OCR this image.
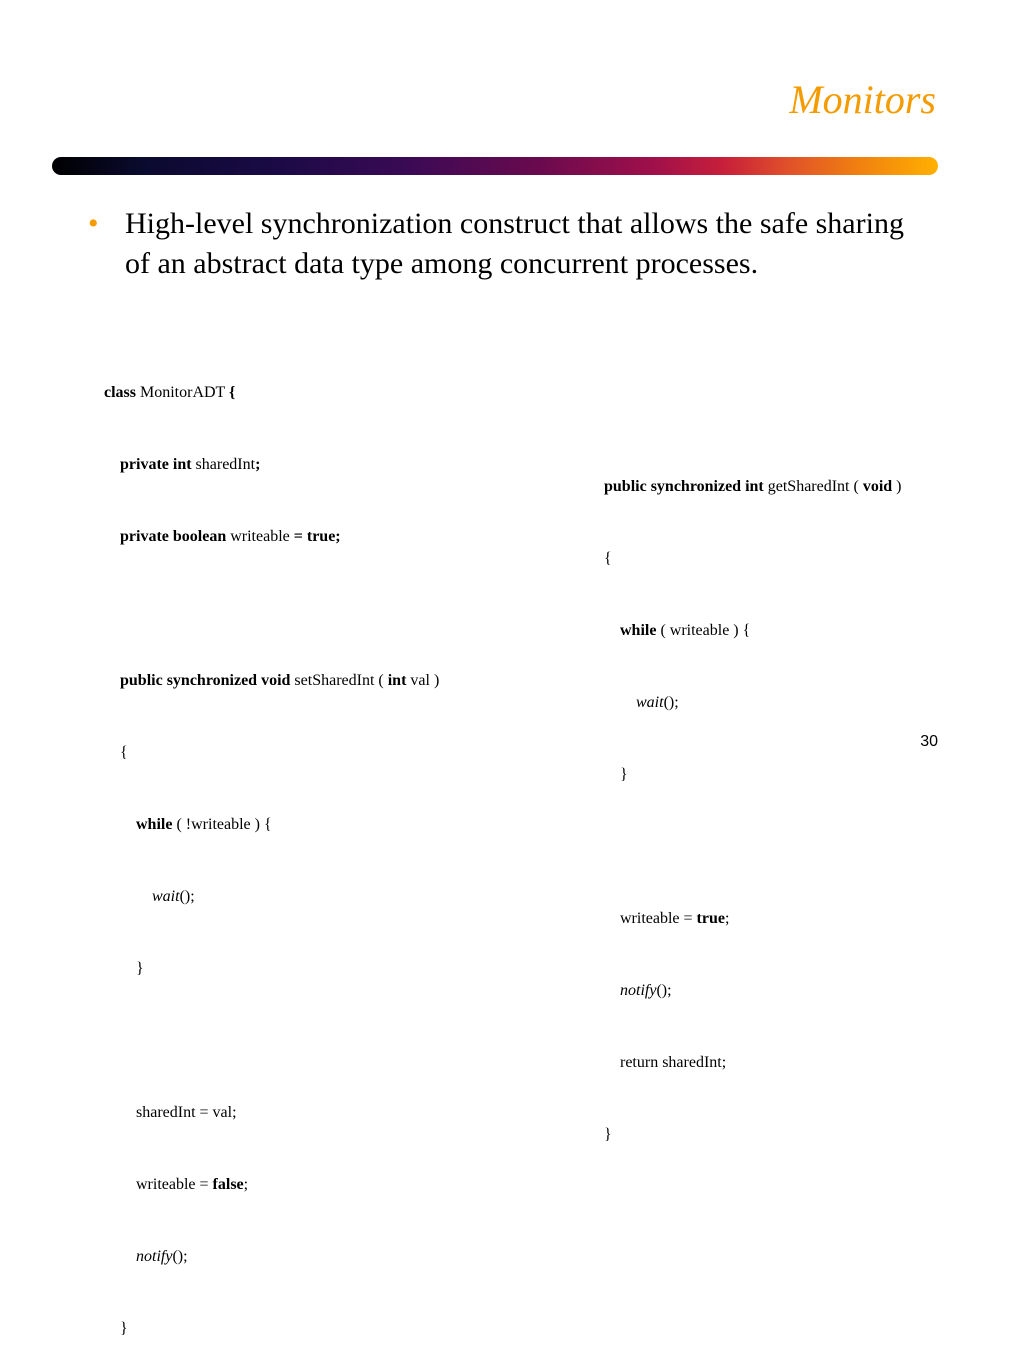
Monitors
• High-level synchronization construct that allows the safe sharing of an abstract data type among concurrent processes.

class MonitorADT {

private int sharedInt;

private boolean writeable = true;

public synchronized void setSharedInt ( int val )

{

while ( !writeable ) {

wait();

}

sharedInt = val;

writeable = false;

notify();

}

public synchronized int getSharedInt ( void )

{

while ( writeable ) {

wait();

}

writeable = true;

notify();

return sharedInt;

}

30
